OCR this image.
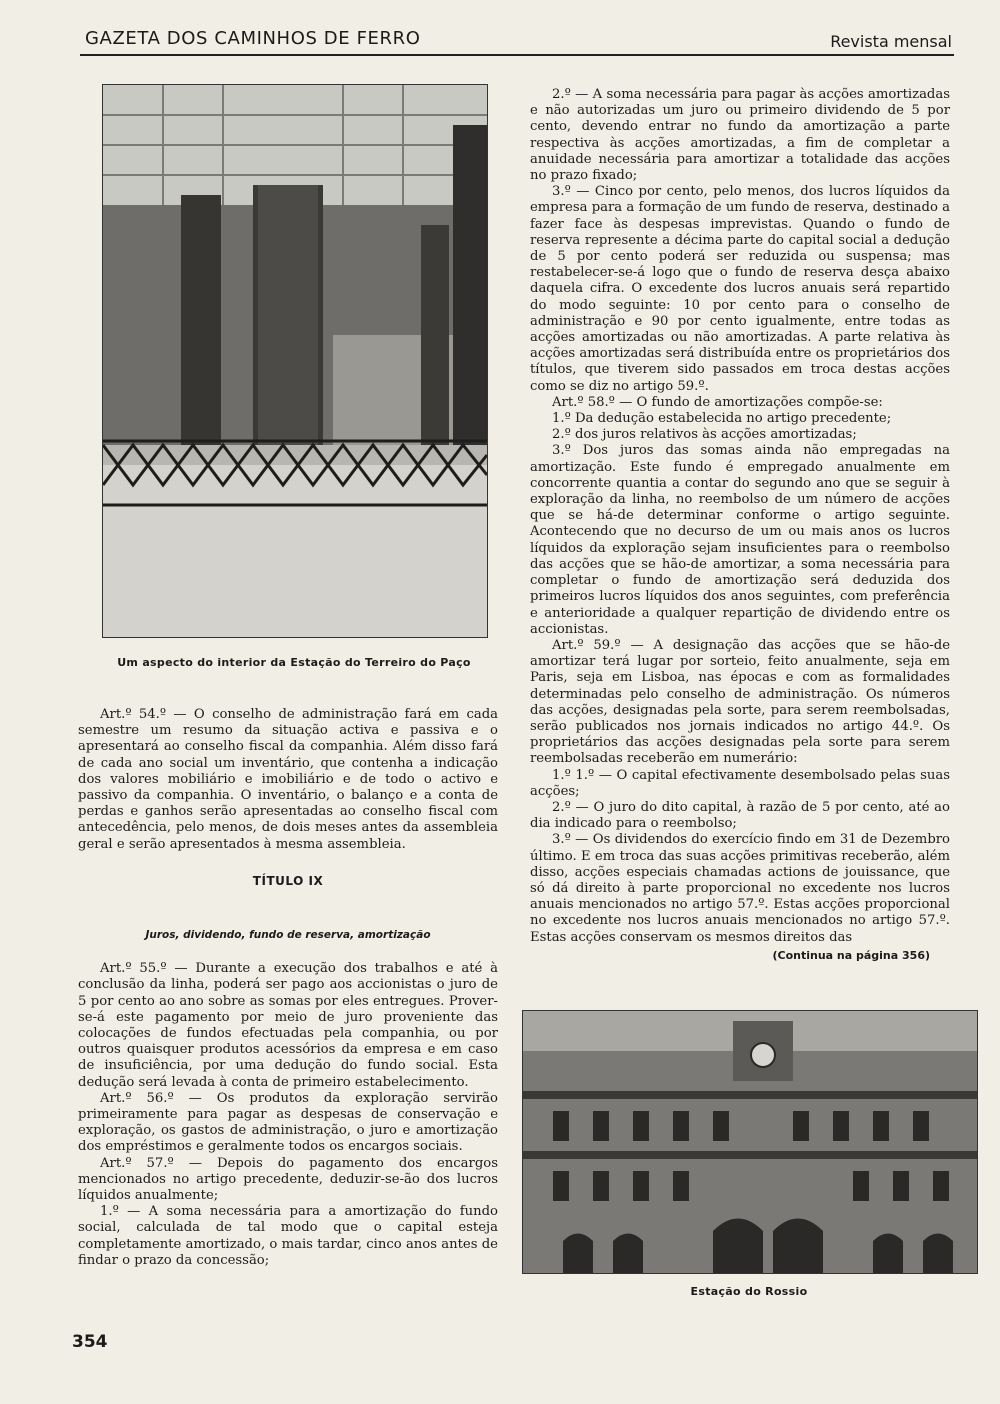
GAZETA DOS CAMINHOS DE FERRO	Revista mensal
Um aspecto do interior da Estação do Terreiro do Paço

Art.º 54.º — O conselho de administração fará em cada semestre um resumo da situação activa e passiva e o apresentará ao conselho fiscal da companhia. Além disso fará de cada ano social um inventário, que contenha a indicação dos valores mobiliário e imobiliário e de todo o activo e passivo da companhia. O inventário, o balanço e a conta de perdas e ganhos serão apresentadas ao conselho fiscal com antecedência, pelo menos, de dois meses antes da assembleia geral e serão apresentados à mesma assembleia.

TÍTULO IX

Juros, dividendo, fundo de reserva, amortização

Art.º 55.º — Durante a execução dos trabalhos e até à conclusão da linha, poderá ser pago aos accionistas o juro de 5 por cento ao ano sobre as somas por eles entregues. Prover-se-á este pagamento por meio de juro proveniente das colocações de fundos efectuadas pela companhia, ou por outros quaisquer produtos acessórios da empresa e em caso de insuficiência, por uma dedução do fundo social. Esta dedução será levada à conta de primeiro estabelecimento.

Art.º 56.º — Os produtos da exploração servirão primeiramente para pagar as despesas de conservação e exploração, os gastos de administração, o juro e amortização dos empréstimos e geralmente todos os encargos sociais.

Art.º 57.º — Depois do pagamento dos encargos mencionados no artigo precedente, deduzir-se-ão dos lucros líquidos anualmente;

1.º — A soma necessária para a amortização do fundo social, calculada de tal modo que o capital esteja completamente amortizado, o mais tardar, cinco anos antes de findar o prazo da concessão;

2.º — A soma necessária para pagar às acções amortizadas e não autorizadas um juro ou primeiro dividendo de 5 por cento, devendo entrar no fundo da amortização a parte respectiva às acções amortizadas, a fim de completar a anuidade necessária para amortizar a totalidade das acções no prazo fixado;

3.º — Cinco por cento, pelo menos, dos lucros líquidos da empresa para a formação de um fundo de reserva, destinado a fazer face às despesas imprevistas. Quando o fundo de reserva represente a décima parte do capital social a dedução de 5 por cento poderá ser reduzida ou suspensa; mas restabelecer-se-á logo que o fundo de reserva desça abaixo daquela cifra. O excedente dos lucros anuais será repartido do modo seguinte: 10 por cento para o conselho de administração e 90 por cento igualmente, entre todas as acções amortizadas ou não amortizadas. A parte relativa às acções amortizadas será distribuída entre os proprietários dos títulos, que tiverem sido passados em troca destas acções como se diz no artigo 59.º.

Art.º 58.º — O fundo de amortizações compõe-se:

1.º Da dedução estabelecida no artigo precedente;

2.º dos juros relativos às acções amortizadas;

3.º Dos juros das somas ainda não empregadas na amortização. Este fundo é empregado anualmente em concorrente quantia a contar do segundo ano que se seguir à exploração da linha, no reembolso de um número de acções que se há-de determinar conforme o artigo seguinte. Acontecendo que no decurso de um ou mais anos os lucros líquidos da exploração sejam insuficientes para o reembolso das acções que se hão-de amortizar, a soma necessária para completar o fundo de amortização será deduzida dos primeiros lucros líquidos dos anos seguintes, com preferência e anterioridade a qualquer repartição de dividendo entre os accionistas.

Art.º 59.º — A designação das acções que se hão-de amortizar terá lugar por sorteio, feito anualmente, seja em Paris, seja em Lisboa, nas épocas e com as formalidades determinadas pelo conselho de administração. Os números das acções, designadas pela sorte, para serem reembolsadas, serão publicados nos jornais indicados no artigo 44.º. Os proprietários das acções designadas pela sorte para serem reembolsadas receberão em numerário:

1.º 1.º — O capital efectivamente desembolsado pelas suas acções;

2.º — O juro do dito capital, à razão de 5 por cento, até ao dia indicado para o reembolso;

3.º — Os dividendos do exercício findo em 31 de Dezembro último. E em troca das suas acções primitivas receberão, além disso, acções especiais chamadas actions de jouissance, que só dá direito à parte proporcional no excedente nos lucros anuais mencionados no artigo 57.º. Estas acções proporcional no excedente nos lucros anuais mencionados no artigo 57.º. Estas acções conservam os mesmos direitos das

(Continua na página 356)

Estação do Rossio
354
